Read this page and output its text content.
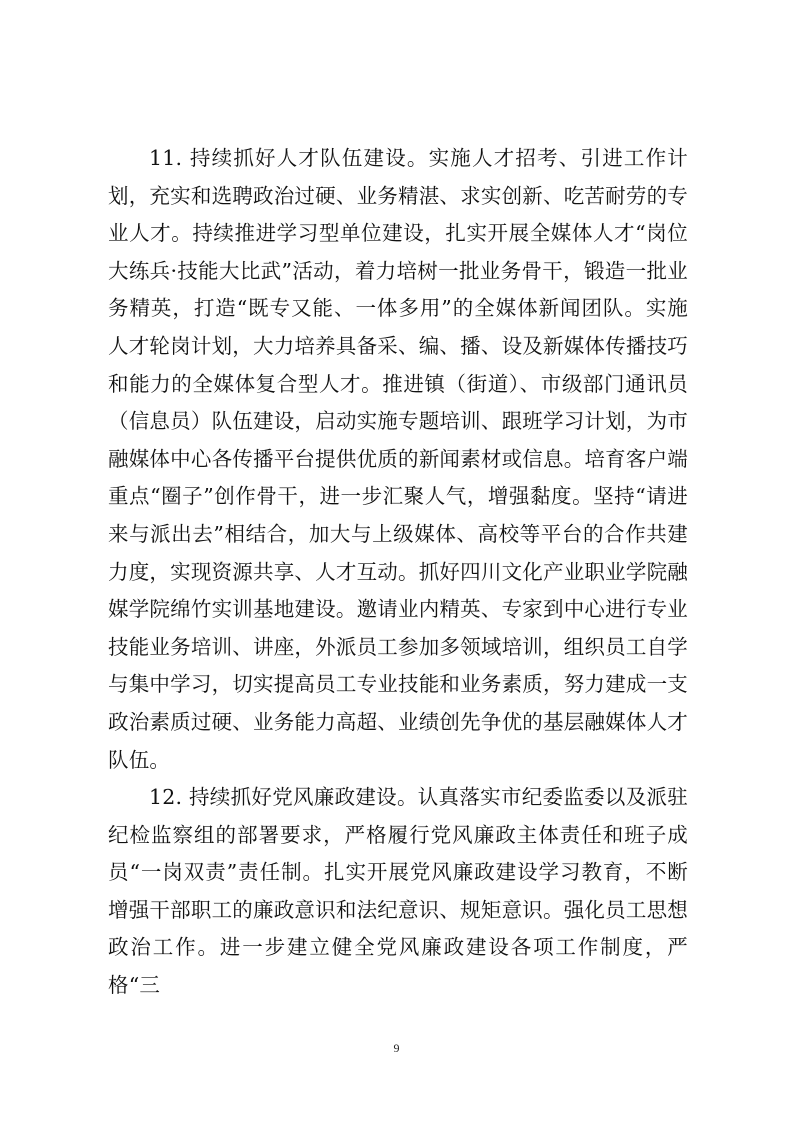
11. 持续抓好人才队伍建设。实施人才招考、引进工作计划，充实和选聘政治过硬、业务精湛、求实创新、吃苦耐劳的专业人才。持续推进学习型单位建设，扎实开展全媒体人才“岗位大练兵·技能大比武”活动，着力培树一批业务骨干，锻造一批业务精英，打造“既专又能、一体多用”的全媒体新闻团队。实施人才轮岗计划，大力培养具备采、编、播、设及新媒体传播技巧和能力的全媒体复合型人才。推进镇（街道）、市级部门通讯员（信息员）队伍建设，启动实施专题培训、跟班学习计划，为市融媒体中心各传播平台提供优质的新闻素材或信息。培育客户端重点“圈子”创作骨干，进一步汇聚人气，增强黏度。坚持“请进来与派出去”相结合，加大与上级媒体、高校等平台的合作共建力度，实现资源共享、人才互动。抓好四川文化产业职业学院融媒学院绵竹实训基地建设。邀请业内精英、专家到中心进行专业技能业务培训、讲座，外派员工参加多领域培训，组织员工自学与集中学习，切实提高员工专业技能和业务素质，努力建成一支政治素质过硬、业务能力高超、业绩创先争优的基层融媒体人才队伍。

12. 持续抓好党风廉政建设。认真落实市纪委监委以及派驻纪检监察组的部署要求，严格履行党风廉政主体责任和班子成员“一岗双责”责任制。扎实开展党风廉政建设学习教育，不断增强干部职工的廉政意识和法纪意识、规矩意识。强化员工思想政治工作。进一步建立健全党风廉政建设各项工作制度，严格“三

9
